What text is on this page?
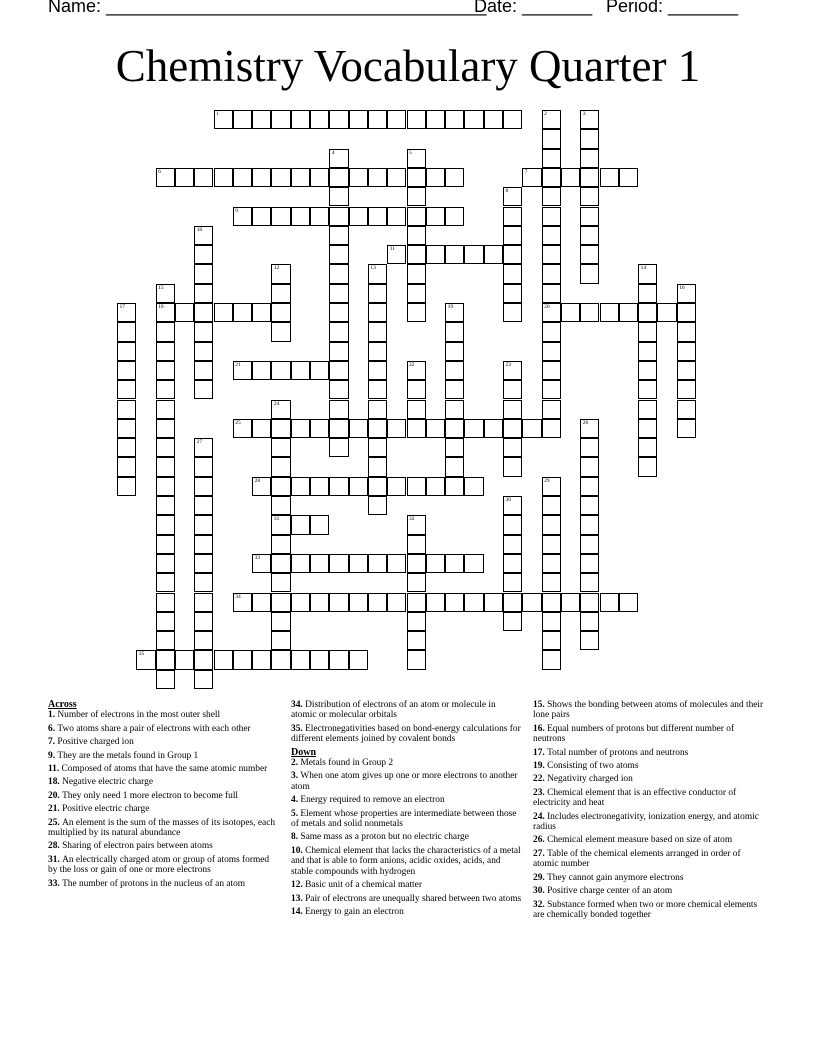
Name: ______________________________________
Date: _______ Period: _______
Chemistry Vocabulary Quarter 1
1	2
20
3
4	5
6	7
8
9
10
11
12	13	14
15
18
16
17	19
21	22	23
24
31
25	26
27
28	29
30
32
33
34
35
Across
1. Number of electrons in the most outer shell
6. Two atoms share a pair of electrons with each other
7. Positive charged ion
9. They are the metals found in Group 1
11. Composed of atoms that have the same atomic number
18. Negative electric charge
20. They only need 1 more electron to become full
21. Positive electric charge
25. An element is the sum of the masses of its isotopes, each multiplied by its natural abundance
28. Sharing of electron pairs between atoms
31. An electrically charged atom or group of atoms formed by the loss or gain of one or more electrons
33. The number of protons in the nucleus of an atom
34. Distribution of electrons of an atom or molecule in atomic or molecular orbitals
35. Electronegativities based on bond-energy calculations for different elements joined by covalent bonds
Down
2. Metals found in Group 2
3. When one atom gives up one or more electrons to another atom
4. Energy required to remove an electron
5. Element whose properties are intermediate between those of metals and solid nonmetals
8. Same mass as a proton but no electric charge
10. Chemical element that lacks the characteristics of a metal and that is able to form anions, acidic oxides, acids, and stable compounds with hydrogen
12. Basic unit of a chemical matter
13. Pair of electrons are unequally shared between two atoms
14. Energy to gain an electron
15. Shows the bonding between atoms of molecules and their lone pairs
16. Equal numbers of protons but different number of neutrons
17. Total number of protons and neutrons
19. Consisting of two atoms
22. Negativity charged ion
23. Chemical element that is an effective conductor of electricity and heat
24. Includes electronegativity, ionization energy, and atomic radius
26. Chemical element measure based on size of atom
27. Table of the chemical elements arranged in order of atomic number
29. They cannot gain anymore electrons
30. Positive charge center of an atom
32. Substance formed when two or more chemical elements are chemically bonded together
